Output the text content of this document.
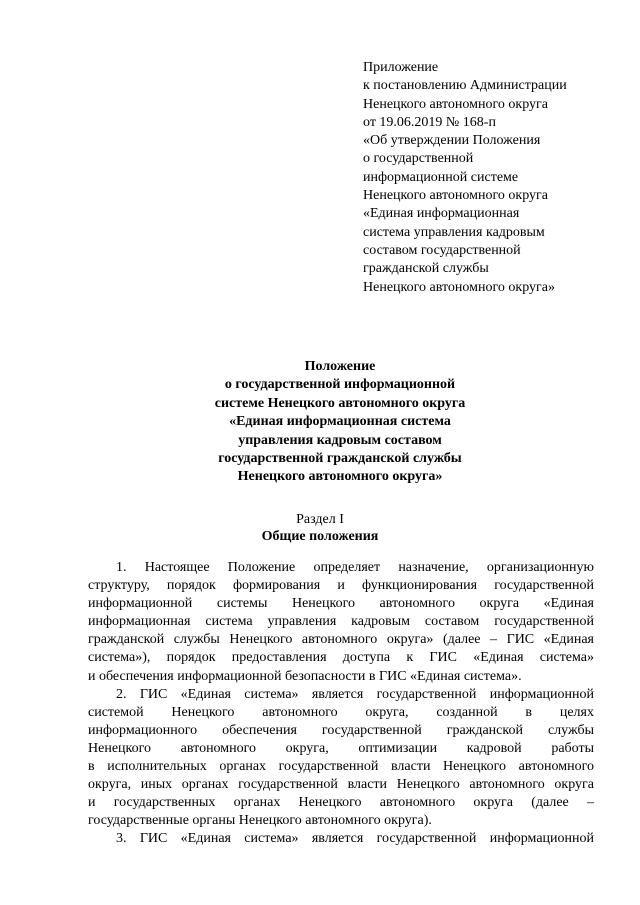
Приложение
к постановлению Администрации
Ненецкого автономного округа
от 19.06.2019 № 168-п
«Об утверждении Положения
о государственной
информационной системе
Ненецкого автономного округа
«Единая информационная
система управления кадровым
составом государственной
гражданской службы
Ненецкого автономного округа»
Положение
о государственной информационной
системе Ненецкого автономного округа
«Единая информационная система
управления кадровым составом
государственной гражданской службы
Ненецкого автономного округа»
Раздел I
Общие положения
1. Настоящее Положение определяет назначение, организационную
структуру, порядок формирования и функционирования государственной
информационной системы Ненецкого автономного округа «Единая
информационная система управления кадровым составом государственной
гражданской службы Ненецкого автономного округа» (далее – ГИС «Единая
система»), порядок предоставления доступа к ГИС «Единая система»
и обеспечения информационной безопасности в ГИС «Единая система».
2. ГИС «Единая система» является государственной информационной
системой Ненецкого автономного округа, созданной в целях
информационного обеспечения государственной гражданской службы
Ненецкого автономного округа, оптимизации кадровой работы
в исполнительных органах государственной власти Ненецкого автономного
округа, иных органах государственной власти Ненецкого автономного округа
и государственных органах Ненецкого автономного округа (далее –
государственные органы Ненецкого автономного округа).
3. ГИС «Единая система» является государственной информационной
